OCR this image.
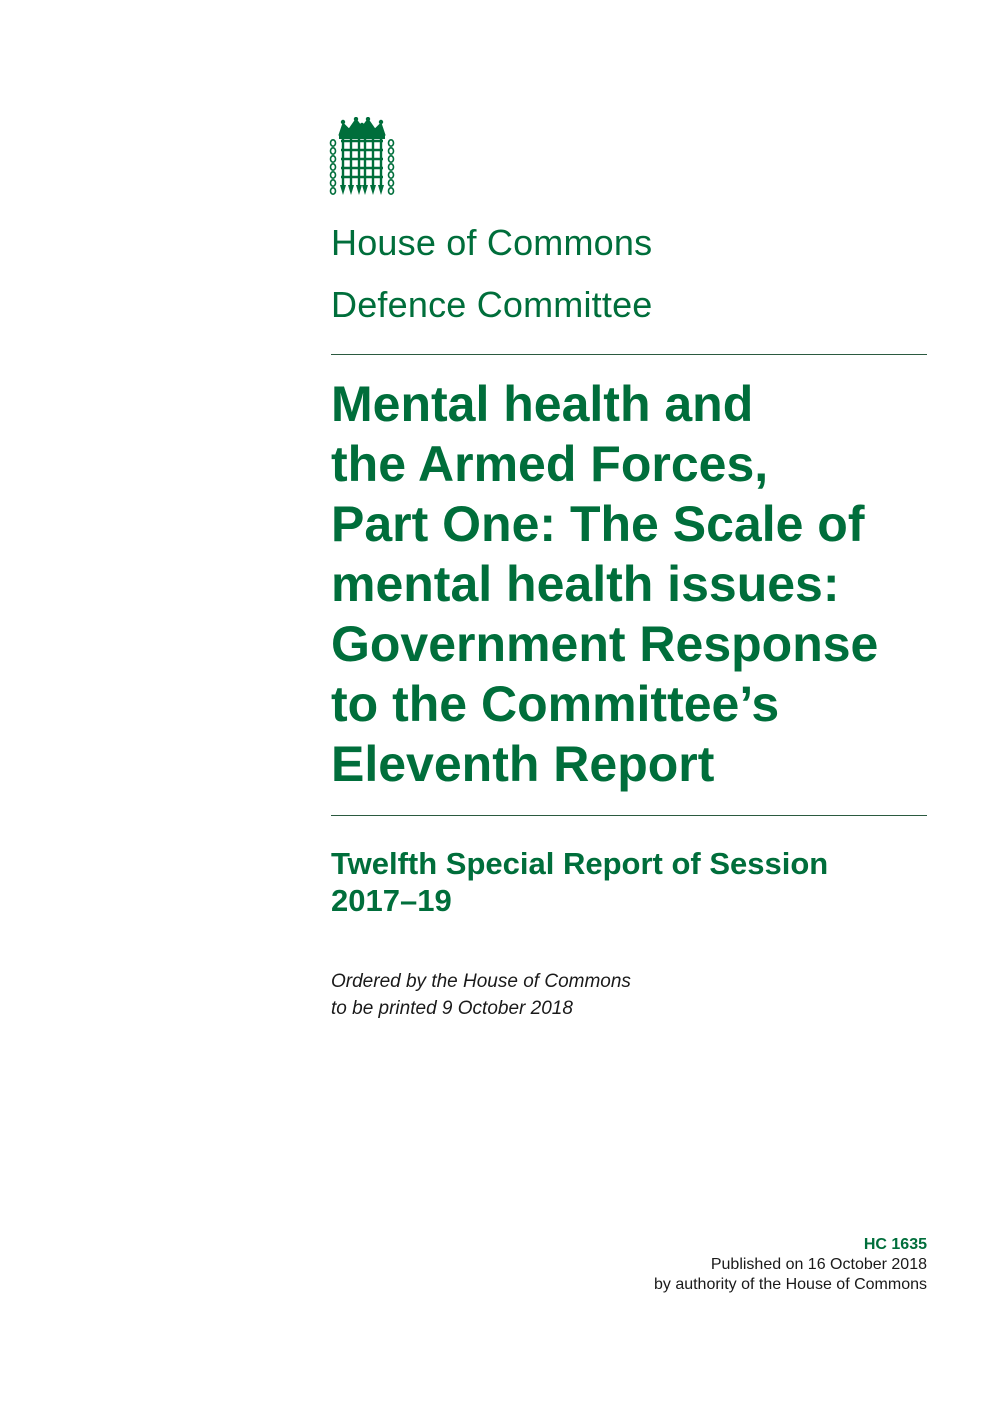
House of Commons
Defence Committee
Mental health and
the Armed Forces,
Part One: The Scale of
mental health issues:
Government Response
to the Committee’s
Eleventh Report
Twelfth Special Report of Session
2017–19
Ordered by the House of Commons
to be printed 9 October 2018
HC 1635
Published on 16 October 2018
by authority of the House of Commons
